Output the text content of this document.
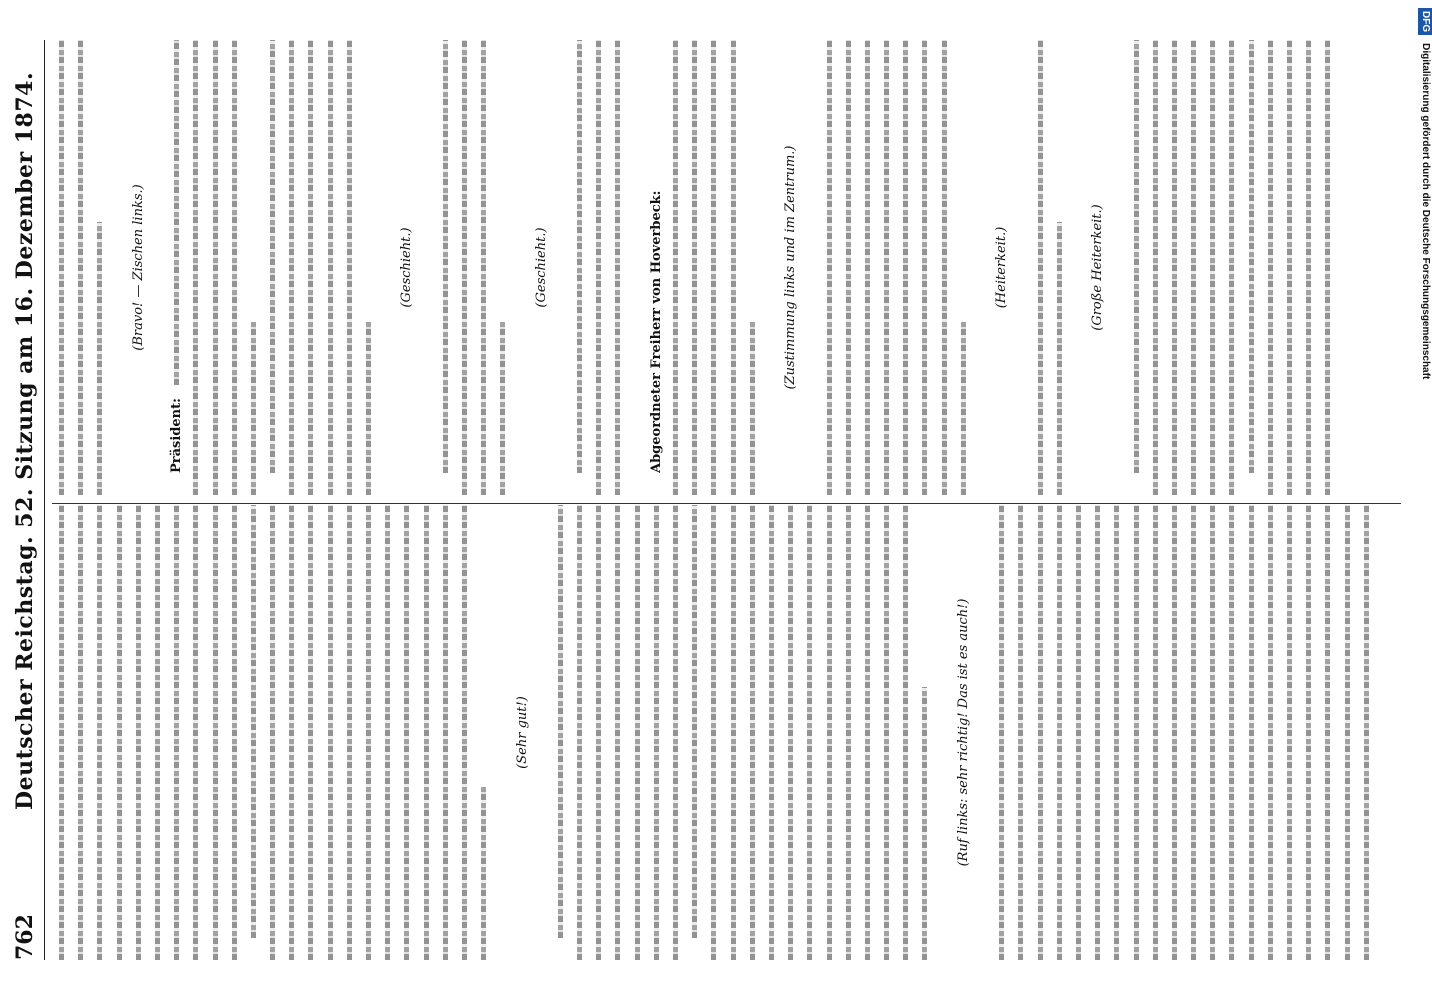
762
Deutscher Reichstag. 52. Sitzung am 16. Dezember 1874.	(Sehr gut!)	(Ruf links: sehr richtig! Das ist es auch!)
(Bravo! — Zischen links.)
Präsident:
(Geschieht.)	(Geschieht.)	Abgeordneter Freiherr von Hoverbeck:	(Zustimmung links und im Zentrum.)	(Heiterkeit.)	(Große Heiterkeit.)
DFGDigitalisierung gefördert durch die Deutsche Forschungsgemeinschaft
